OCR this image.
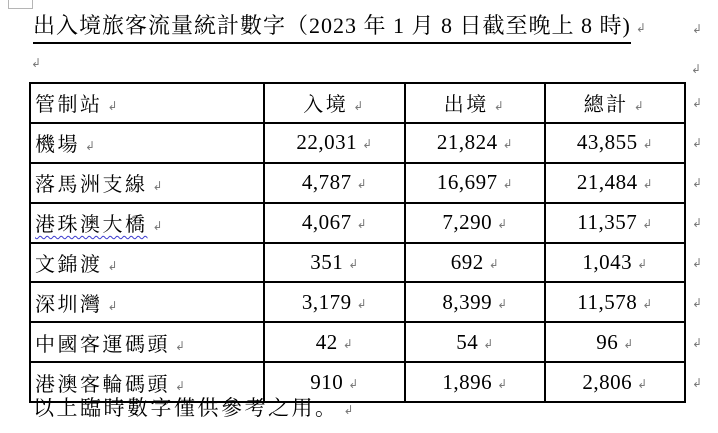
出入境旅客流量統計數字（2023 年 1 月 8 日截至晚上 8 時) ↲	↲
↲	↲
管制站 ↲	入境 ↲	出境 ↲	總計 ↲	↲
機場 ↲	22,031 ↲	21,824 ↲	43,855 ↲	↲
落馬洲支線 ↲	4,787 ↲	16,697 ↲	21,484 ↲	↲
港珠澳大橋 ↲	4,067 ↲	7,290 ↲	11,357 ↲	↲
文錦渡 ↲	351 ↲	692 ↲	1,043 ↲	↲
深圳灣 ↲	3,179 ↲	8,399 ↲	11,578 ↲	↲
中國客運碼頭 ↲	42 ↲	54 ↲	96 ↲	↲
港澳客輪碼頭 ↲	910 ↲	1,896 ↲	2,806 ↲	↲
以上臨時數字僅供參考之用。 ↲
